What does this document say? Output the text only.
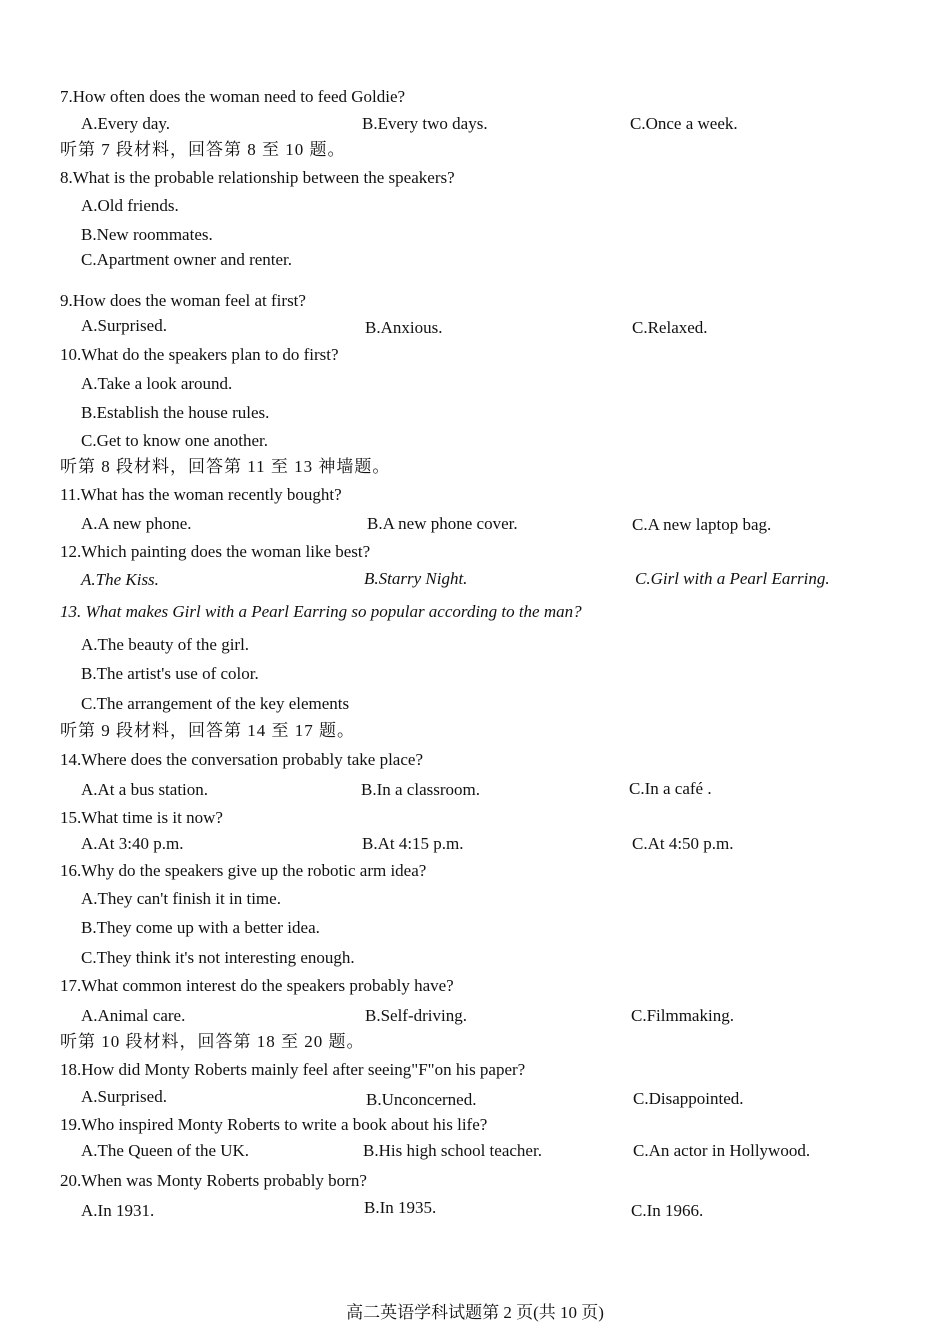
7.How often does the woman need to feed Goldie?
A.Every day.	B.Every two days.	C.Once a week.
听第 7 段材料，回答第 8 至 10 题。
8.What is the probable relationship between the speakers?
A.Old friends.
B.New roommates.
C.Apartment owner and renter.
9.How does the woman feel at first?
A.Surprised.	B.Anxious.	C.Relaxed.
10.What do the speakers plan to do first?
A.Take a look around.
B.Establish the house rules.
C.Get to know one another.
听第 8 段材料，回答第 11 至 13 神墙题。
11.What has the woman recently bought?
A.A new phone.	B.A new phone cover.	C.A new laptop bag.
12.Which painting does the woman like best?
A.The Kiss.	B.Starry Night.	C.Girl with a Pearl Earring.
13. What makes Girl with a Pearl Earring so popular according to the man?
A.The beauty of the girl.
B.The artist's use of color.
C.The arrangement of the key elements
听第 9 段材料，回答第 14 至 17 题。
14.Where does the conversation probably take place?
A.At a bus station.	B.In a classroom.	C.In a café .
15.What time is it now?
A.At 3:40 p.m.	B.At 4:15 p.m.	C.At 4:50 p.m.
16.Why do the speakers give up the robotic arm idea?
A.They can't finish it in time.
B.They come up with a better idea.
C.They think it's not interesting enough.
17.What common interest do the speakers probably have?
A.Animal care.	B.Self-driving.	C.Filmmaking.
听第 10 段材料，回答第 18 至 20 题。
18.How did Monty Roberts mainly feel after seeing"F"on his paper?
A.Surprised.	B.Unconcerned.	C.Disappointed.
19.Who inspired Monty Roberts to write a book about his life?
A.The Queen of the UK.	B.His high school teacher.	C.An actor in Hollywood.
20.When was Monty Roberts probably born?
A.In 1931.	B.In 1935.	C.In 1966.
高二英语学科试题第 2 页(共 10 页)
